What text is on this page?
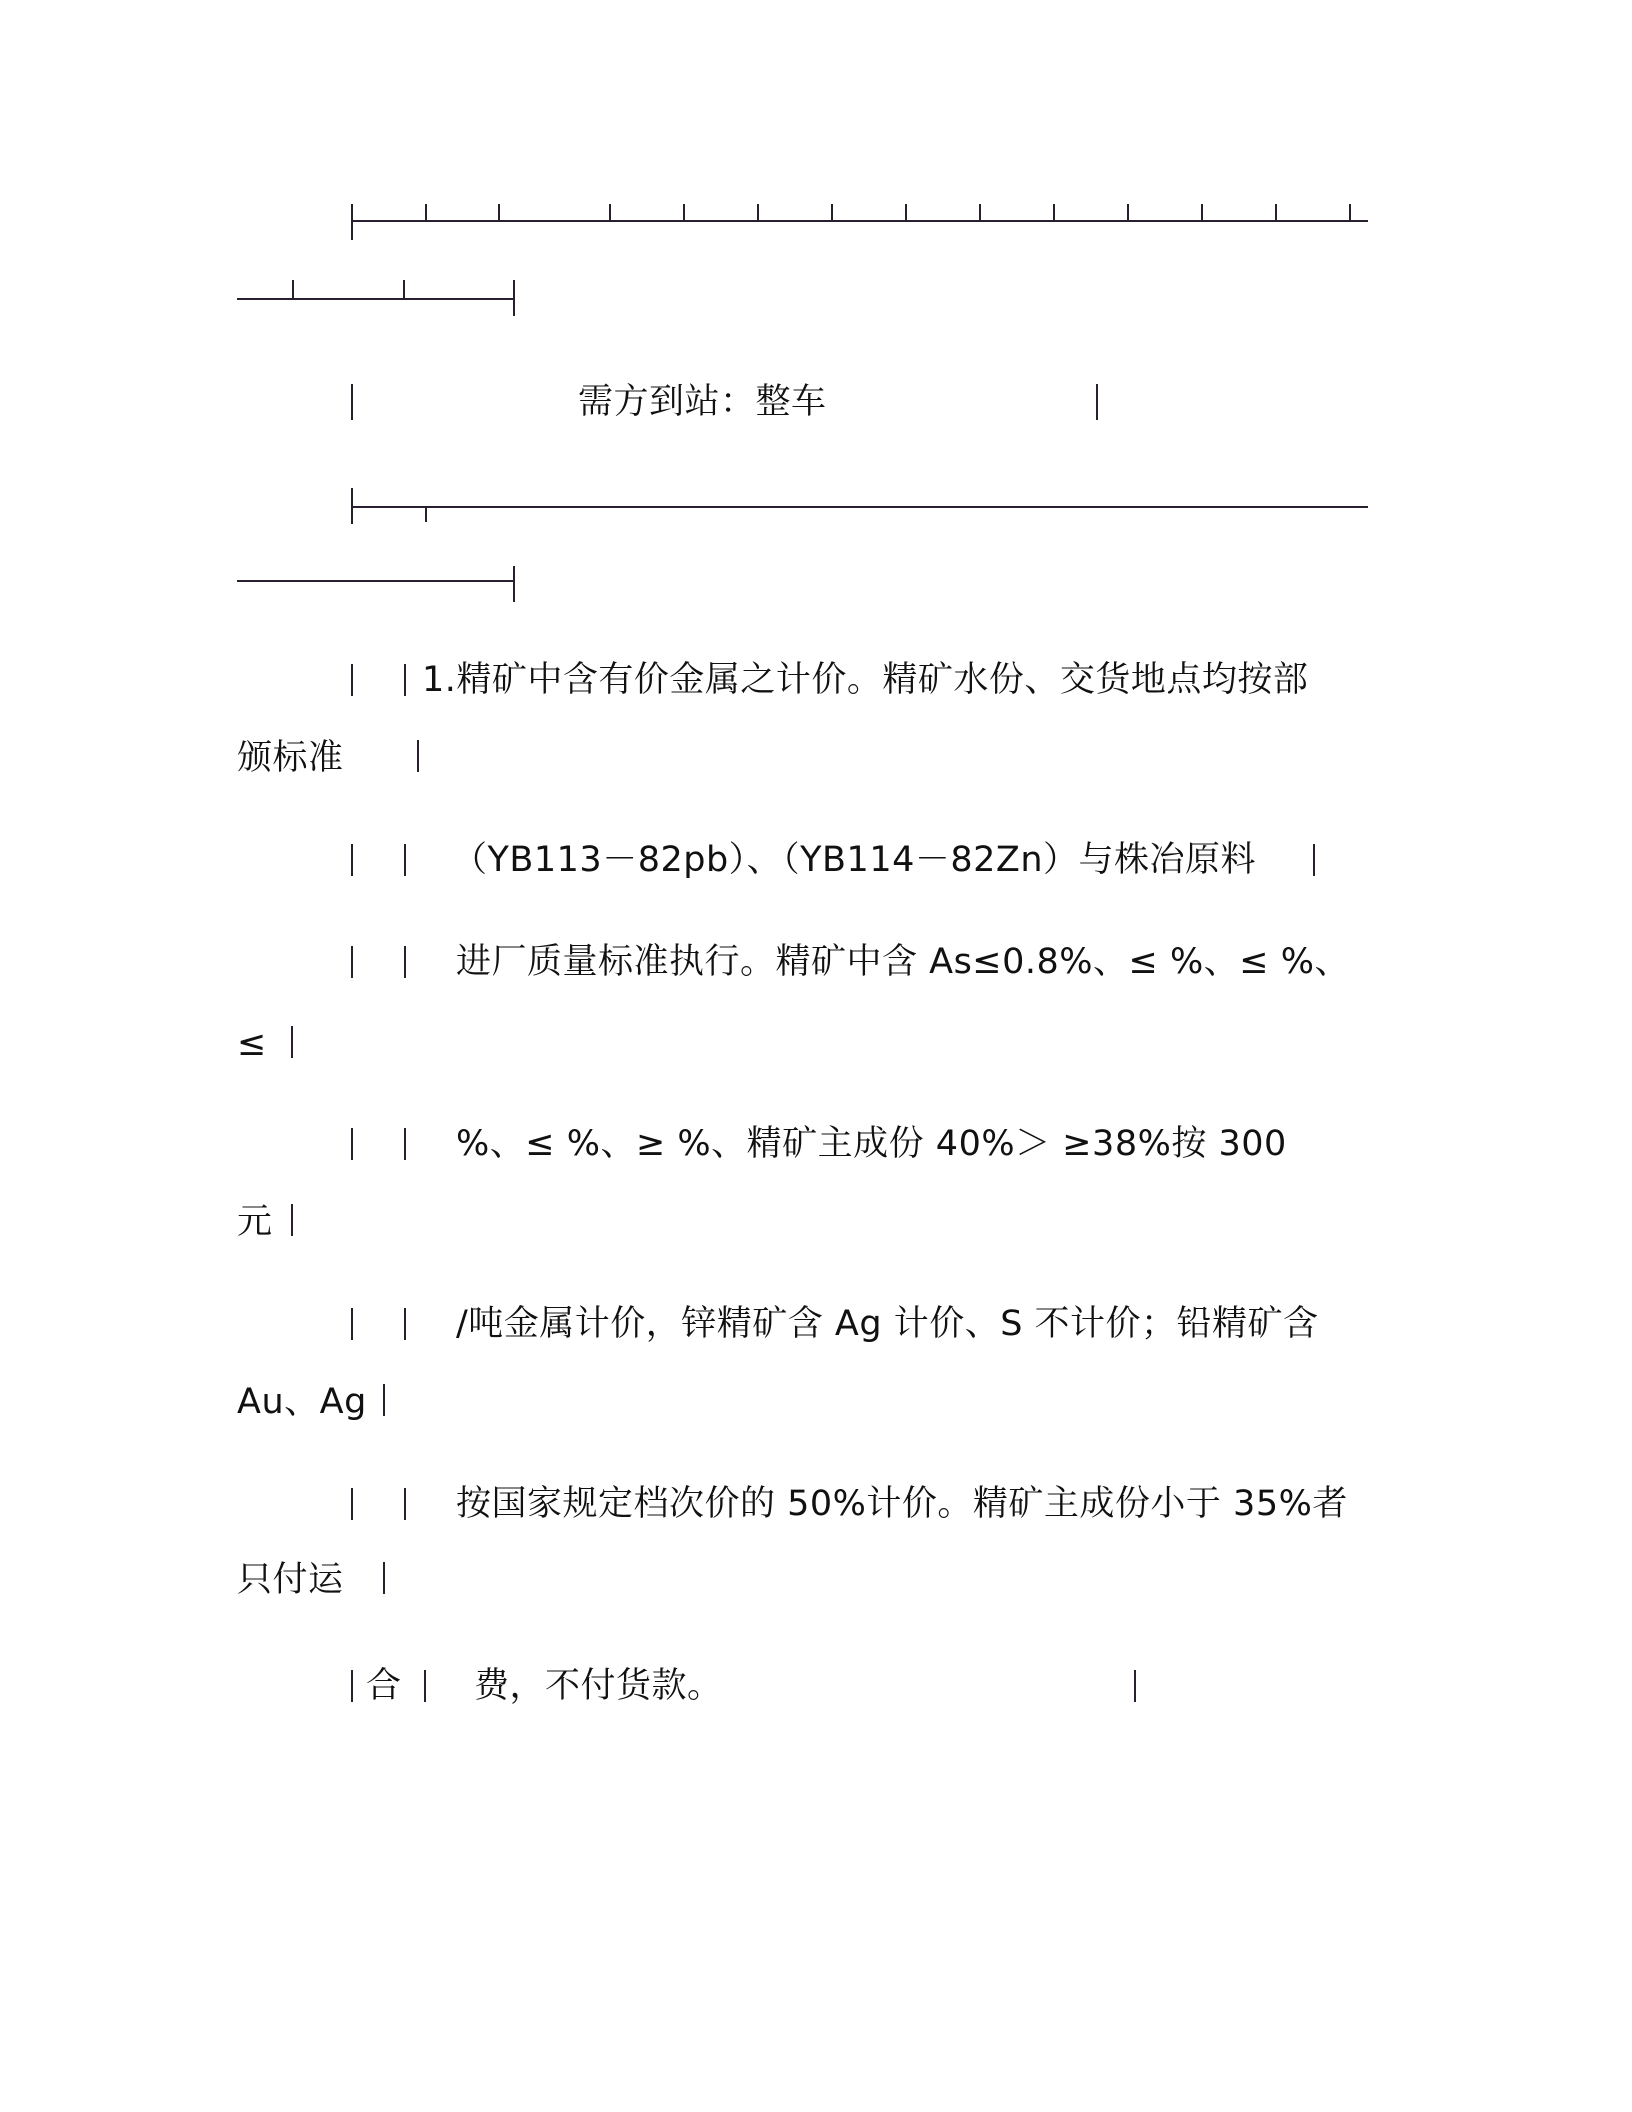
需方到站：整车
1.精矿中含有价金属之计价。精矿水份、交货地点均按部
颁标准
（YB113－82pb）、（YB114－82Zn）与株冶原料
进厂质量标准执行。精矿中含 As≤0.8%、≤ %、≤ %、
≤
%、≤ %、≥ %、精矿主成份 40%＞ ≥38%按 300
元
/吨金属计价，锌精矿含 Ag 计价、S 不计价；铅精矿含
Au、Ag
按国家规定档次价的 50%计价。精矿主成份小于 35%者
只付运
合 费，不付货款。
